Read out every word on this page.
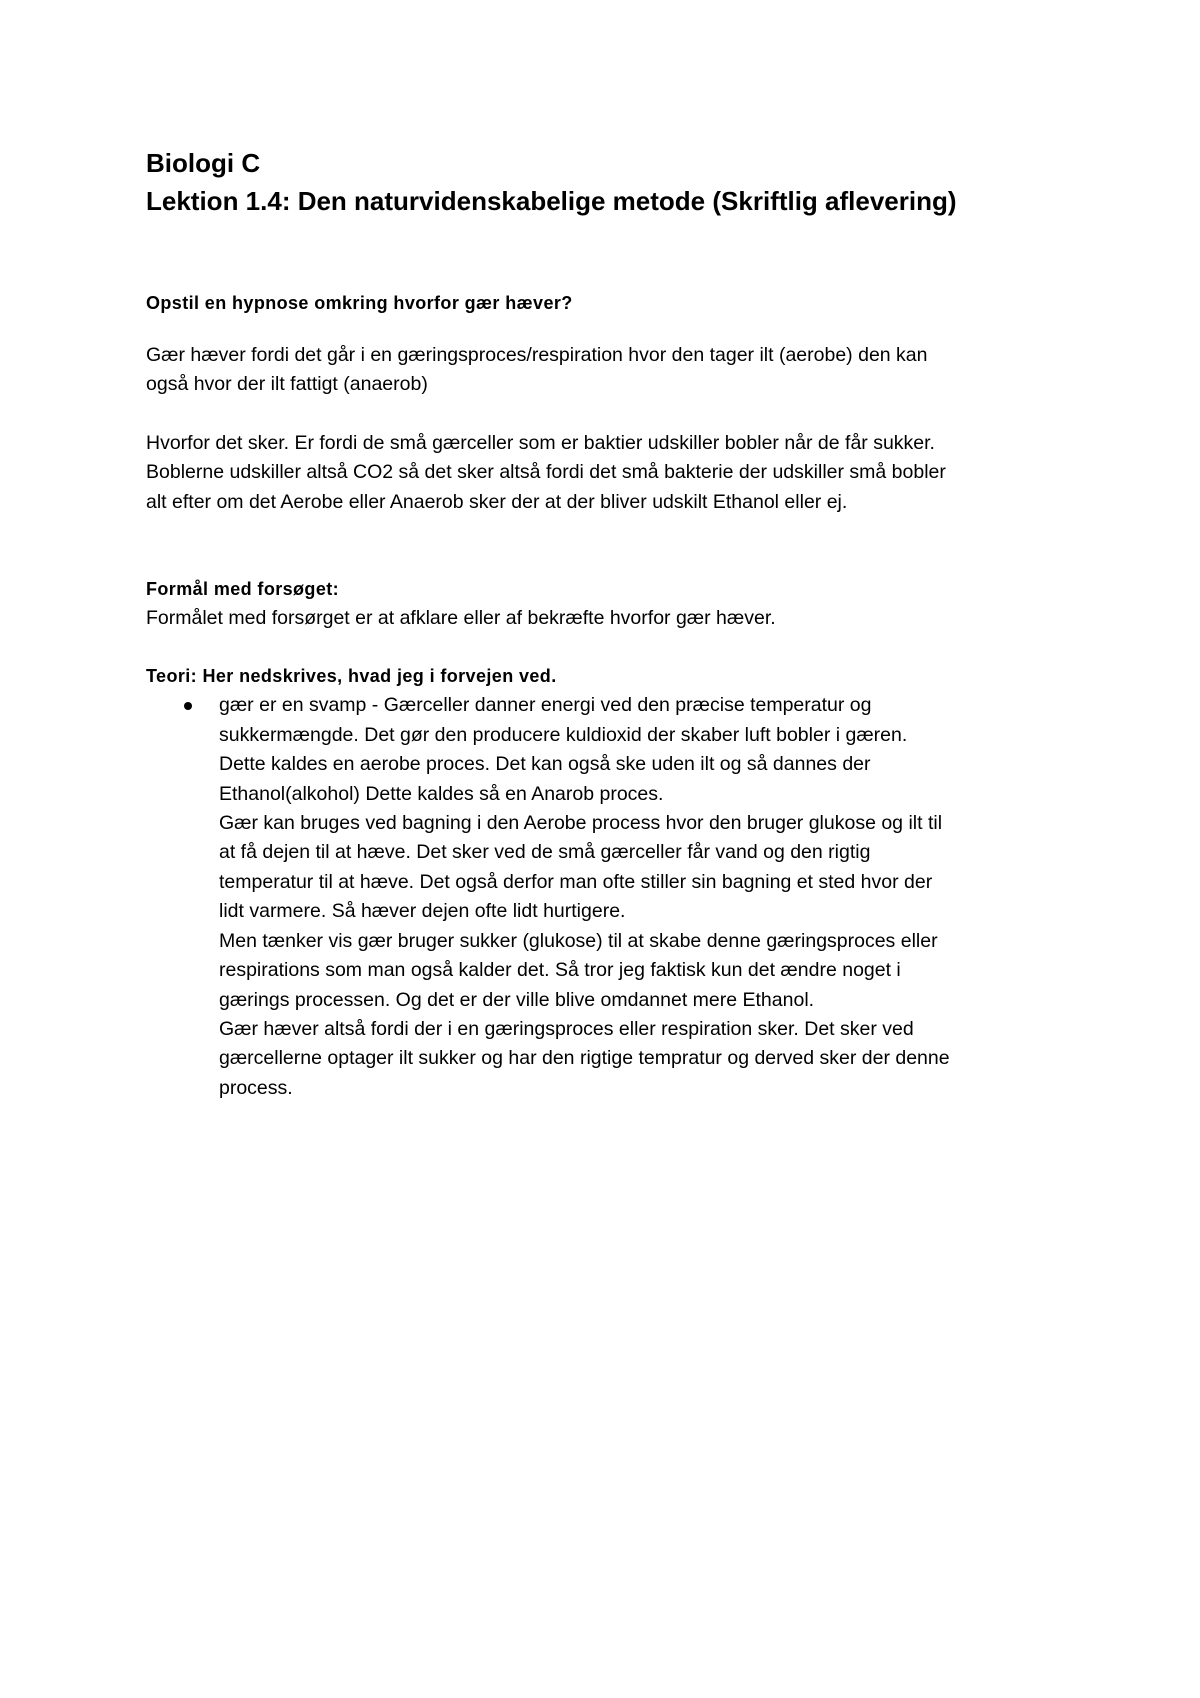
Biologi C

Lektion 1.4: Den naturvidenskabelige metode (Skriftlig aflevering)

Opstil en hypnose omkring hvorfor gær hæver?

Gær hæver fordi det går i en gæringsproces/respiration hvor den tager ilt (aerobe) den kan

også hvor der ilt fattigt (anaerob)

Hvorfor det sker. Er fordi de små gærceller som er baktier udskiller bobler når de får sukker.

Boblerne udskiller altså CO2 så det sker altså fordi det små bakterie der udskiller små bobler

alt efter om det Aerobe eller Anaerob sker der at der bliver udskilt Ethanol eller ej.

Formål med forsøget:

Formålet med forsørget er at afklare eller af bekræfte hvorfor gær hæver.

Teori: Her nedskrives, hvad jeg i forvejen ved.

gær er en svamp - Gærceller danner energi ved den præcise temperatur og

sukkermængde. Det gør den producere kuldioxid der skaber luft bobler i gæren.

Dette kaldes en aerobe proces. Det kan også ske uden ilt og så dannes der

Ethanol(alkohol) Dette kaldes så en Anarob proces.

Gær kan bruges ved bagning i den Aerobe process hvor den bruger glukose og ilt til

at få dejen til at hæve. Det sker ved de små gærceller får vand og den rigtig

temperatur til at hæve. Det også derfor man ofte stiller sin bagning et sted hvor der

lidt varmere. Så hæver dejen ofte lidt hurtigere.

Men tænker vis gær bruger sukker (glukose) til at skabe denne gæringsproces eller

respirations som man også kalder det. Så tror jeg faktisk kun det ændre noget i

gærings processen. Og det er der ville blive omdannet mere Ethanol.

Gær hæver altså fordi der i en gæringsproces eller respiration sker. Det sker ved

gærcellerne optager ilt sukker og har den rigtige tempratur og derved sker der denne

process.
